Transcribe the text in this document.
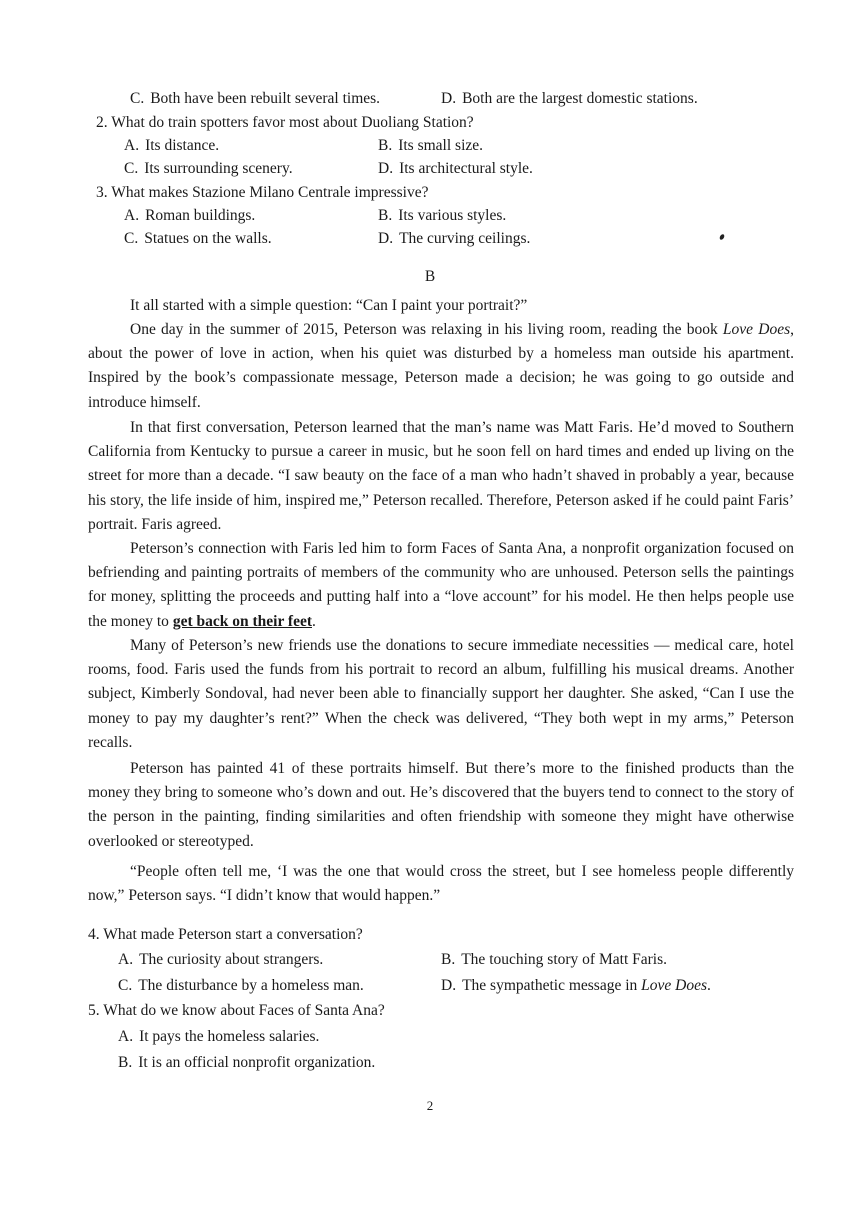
C. Both have been rebuilt several times.	D. Both are the largest domestic stations.
2. What do train spotters favor most about Duoliang Station?
A. Its distance.	B. Its small size.
C. Its surrounding scenery.	D. Its architectural style.
3. What makes Stazione Milano Centrale impressive?
A. Roman buildings.	B. Its various styles.
C. Statues on the walls.	D. The curving ceilings.
B
It all started with a simple question: “Can I paint your portrait?”
One day in the summer of 2015, Peterson was relaxing in his living room, reading the book Love Does, about the power of love in action, when his quiet was disturbed by a homeless man outside his apartment. Inspired by the book’s compassionate message, Peterson made a decision; he was going to go outside and introduce himself.
In that first conversation, Peterson learned that the man’s name was Matt Faris. He’d moved to Southern California from Kentucky to pursue a career in music, but he soon fell on hard times and ended up living on the street for more than a decade. “I saw beauty on the face of a man who hadn’t shaved in probably a year, because his story, the life inside of him, inspired me,” Peterson recalled. Therefore, Peterson asked if he could paint Faris’ portrait. Faris agreed.
Peterson’s connection with Faris led him to form Faces of Santa Ana, a nonprofit organization focused on befriending and painting portraits of members of the community who are unhoused. Peterson sells the paintings for money, splitting the proceeds and putting half into a “love account” for his model. He then helps people use the money to get back on their feet.
Many of Peterson’s new friends use the donations to secure immediate necessities — medical care, hotel rooms, food. Faris used the funds from his portrait to record an album, fulfilling his musical dreams. Another subject, Kimberly Sondoval, had never been able to financially support her daughter. She asked, “Can I use the money to pay my daughter’s rent?” When the check was delivered, “They both wept in my arms,” Peterson recalls.
Peterson has painted 41 of these portraits himself. But there’s more to the finished products than the money they bring to someone who’s down and out. He’s discovered that the buyers tend to connect to the story of the person in the painting, finding similarities and often friendship with someone they might have otherwise overlooked or stereotyped.
“People often tell me, ‘I was the one that would cross the street, but I see homeless people differently now,” Peterson says. “I didn’t know that would happen.”
4. What made Peterson start a conversation?
A. The curiosity about strangers.	B. The touching story of Matt Faris.
C. The disturbance by a homeless man.	D. The sympathetic message in Love Does.
5. What do we know about Faces of Santa Ana?
A. It pays the homeless salaries.
B. It is an official nonprofit organization.
2
